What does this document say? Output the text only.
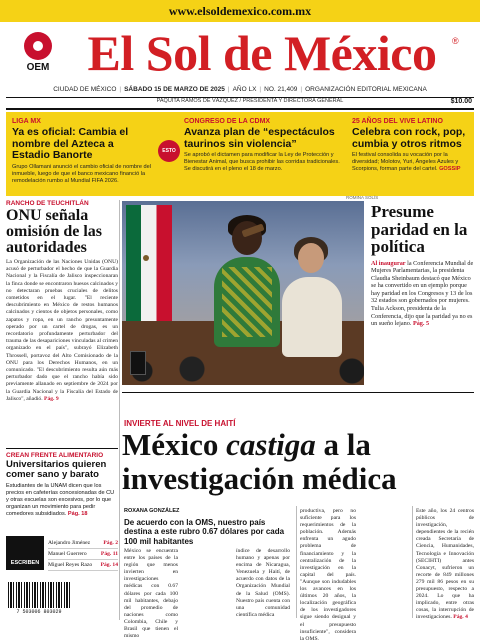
www.elsoldemexico.com.mx
OEM El Sol de México	®
CIUDAD DE MÉXICO | SÁBADO 15 DE MARZO DE 2025 | AÑO LX | NO. 21,409 | ORGANIZACIÓN EDITORIAL MEXICANA
PAQUITA RAMOS DE VÁZQUEZ / PRESIDENTA Y DIRECTORA GENERAL	$10.00
LIGA MX
Ya es oficial: Cambia el nombre del Azteca a Estadio Banorte
Grupo Ollamani anunció el cambio oficial de nombre del inmueble, luego de que el banco mexicano financió la remodelación rumbo al Mundial FIFA 2026.
ESTO
CONGRESO DE LA CDMX
Avanza plan de “espectáculos taurinos sin violencia”
Se aprobó el dictamen para modificar la Ley de Protección y Bienestar Animal, que busca prohibir las corridas tradicionales. Se discutirá en el pleno el 18 de marzo.
25 AÑOS DEL VIVE LATINO
Celebra con rock, pop, cumbia y otros ritmos
El festival consolida su vocación por la diversidad; Molotov, Yuri, Ángeles Azules y Scorpions, forman parte del cartel. GOSSIP
RANCHO DE TEUCHITLÁN
ONU señala omisión de las autoridades
La Organización de las Naciones Unidas (ONU) acusó de perturbador el hecho de que la Guardia Nacional y la Fiscalía de Jalisco inspeccionaran la finca donde se encontraron huesos calcinados y no detectaran pruebas cruciales de delitos cometidos en el lugar. "El reciente descubrimiento en México de restos humanos calcinados y cientos de objetos personales, como zapatos y ropa, en un rancho presuntamente operado por un cartel de drogas, es un recordatorio profundamente perturbador del trauma de las desapariciones vinculadas al crimen organizado en el país", subrayó Elizabeth Throssell, portavoz del Alto Comisionado de la ONU para los Derechos Humanos, en un comunicado. "El descubrimiento resulta aún más perturbador dado que el rancho había sido previamente allanado en septiembre de 2024 por la Guardia Nacional y la Fiscalía del Estado de Jalisco", añadió. Pág. 9
CREAN FRENTE ALIMENTARIO
Universitarios quieren comer sano y barato
Estudiantes de la UNAM dicen que los precios en cafeterías concesionadas de CU y otras escuelas son excesivos, por lo que organizan un movimiento para pedir comedores subsidiados. Pág. 18
ESCRIBEN
Alejandro Jiménez Pág. 2
Manuel Guerrero	Pág. 11
Miguel Reyes Razo Pág. 14
7 503006 803029
ROMINA SOLÍS
Presume paridad en la política
Al inaugurar la Conferencia Mundial de Mujeres Parlamentarias, la presidenta Claudia Sheinbaum destacó que México se ha convertido en un ejemplo porque hay paridad en los Congresos y 13 de los 32 estados son gobernados por mujeres. Tulia Ackson, presidenta de la Conferencia, dijo que la paridad ya no es un sueño lejano. Pág. 5
INVIERTE AL NIVEL DE HAITÍ
México castiga a la investigación médica
ROXANA GONZÁLEZ
De acuerdo con la OMS, nuestro país destina a este rubro 0.67 dólares por cada 100 mil habitantes
México se encuentra entre los países de la región que menos invierten en investigaciones médicas con 0.67 dólares por cada 100 mil habitantes, debajo del promedio de naciones como Colombia, Chile y Brasil que tienen el mismo
índice de desarrollo humano y apenas por encima de Nicaragua, Venezuela y Haití, de acuerdo con datos de la Organización Mundial de la Salud (OMS). Nuestro país cuenta con una comunidad científica médica
productiva, pero no suficiente para los requerimientos de la población. Además enfrenta un agudo problema de financiamiento y la centralización de la investigación en la capital del país. "Aunque son indudables los avances en los últimos 20 años, la localización geográfica de los investigadores sigue siendo desigual y el presupuesto insuficiente", considera la OMS.
Este año, los 24 centros públicos de investigación, dependientes de la recién creada Secretaría de Ciencia, Humanidades, Tecnología e Innovación (SECIHTI) antes Conacyt, sufrieron un recorte de 849 millones 279 mil 86 pesos en su presupuesto, respecto a 2024. Lo que ha implicado, entre otras cosas, la interrupción de investigaciones. Pág. 4
